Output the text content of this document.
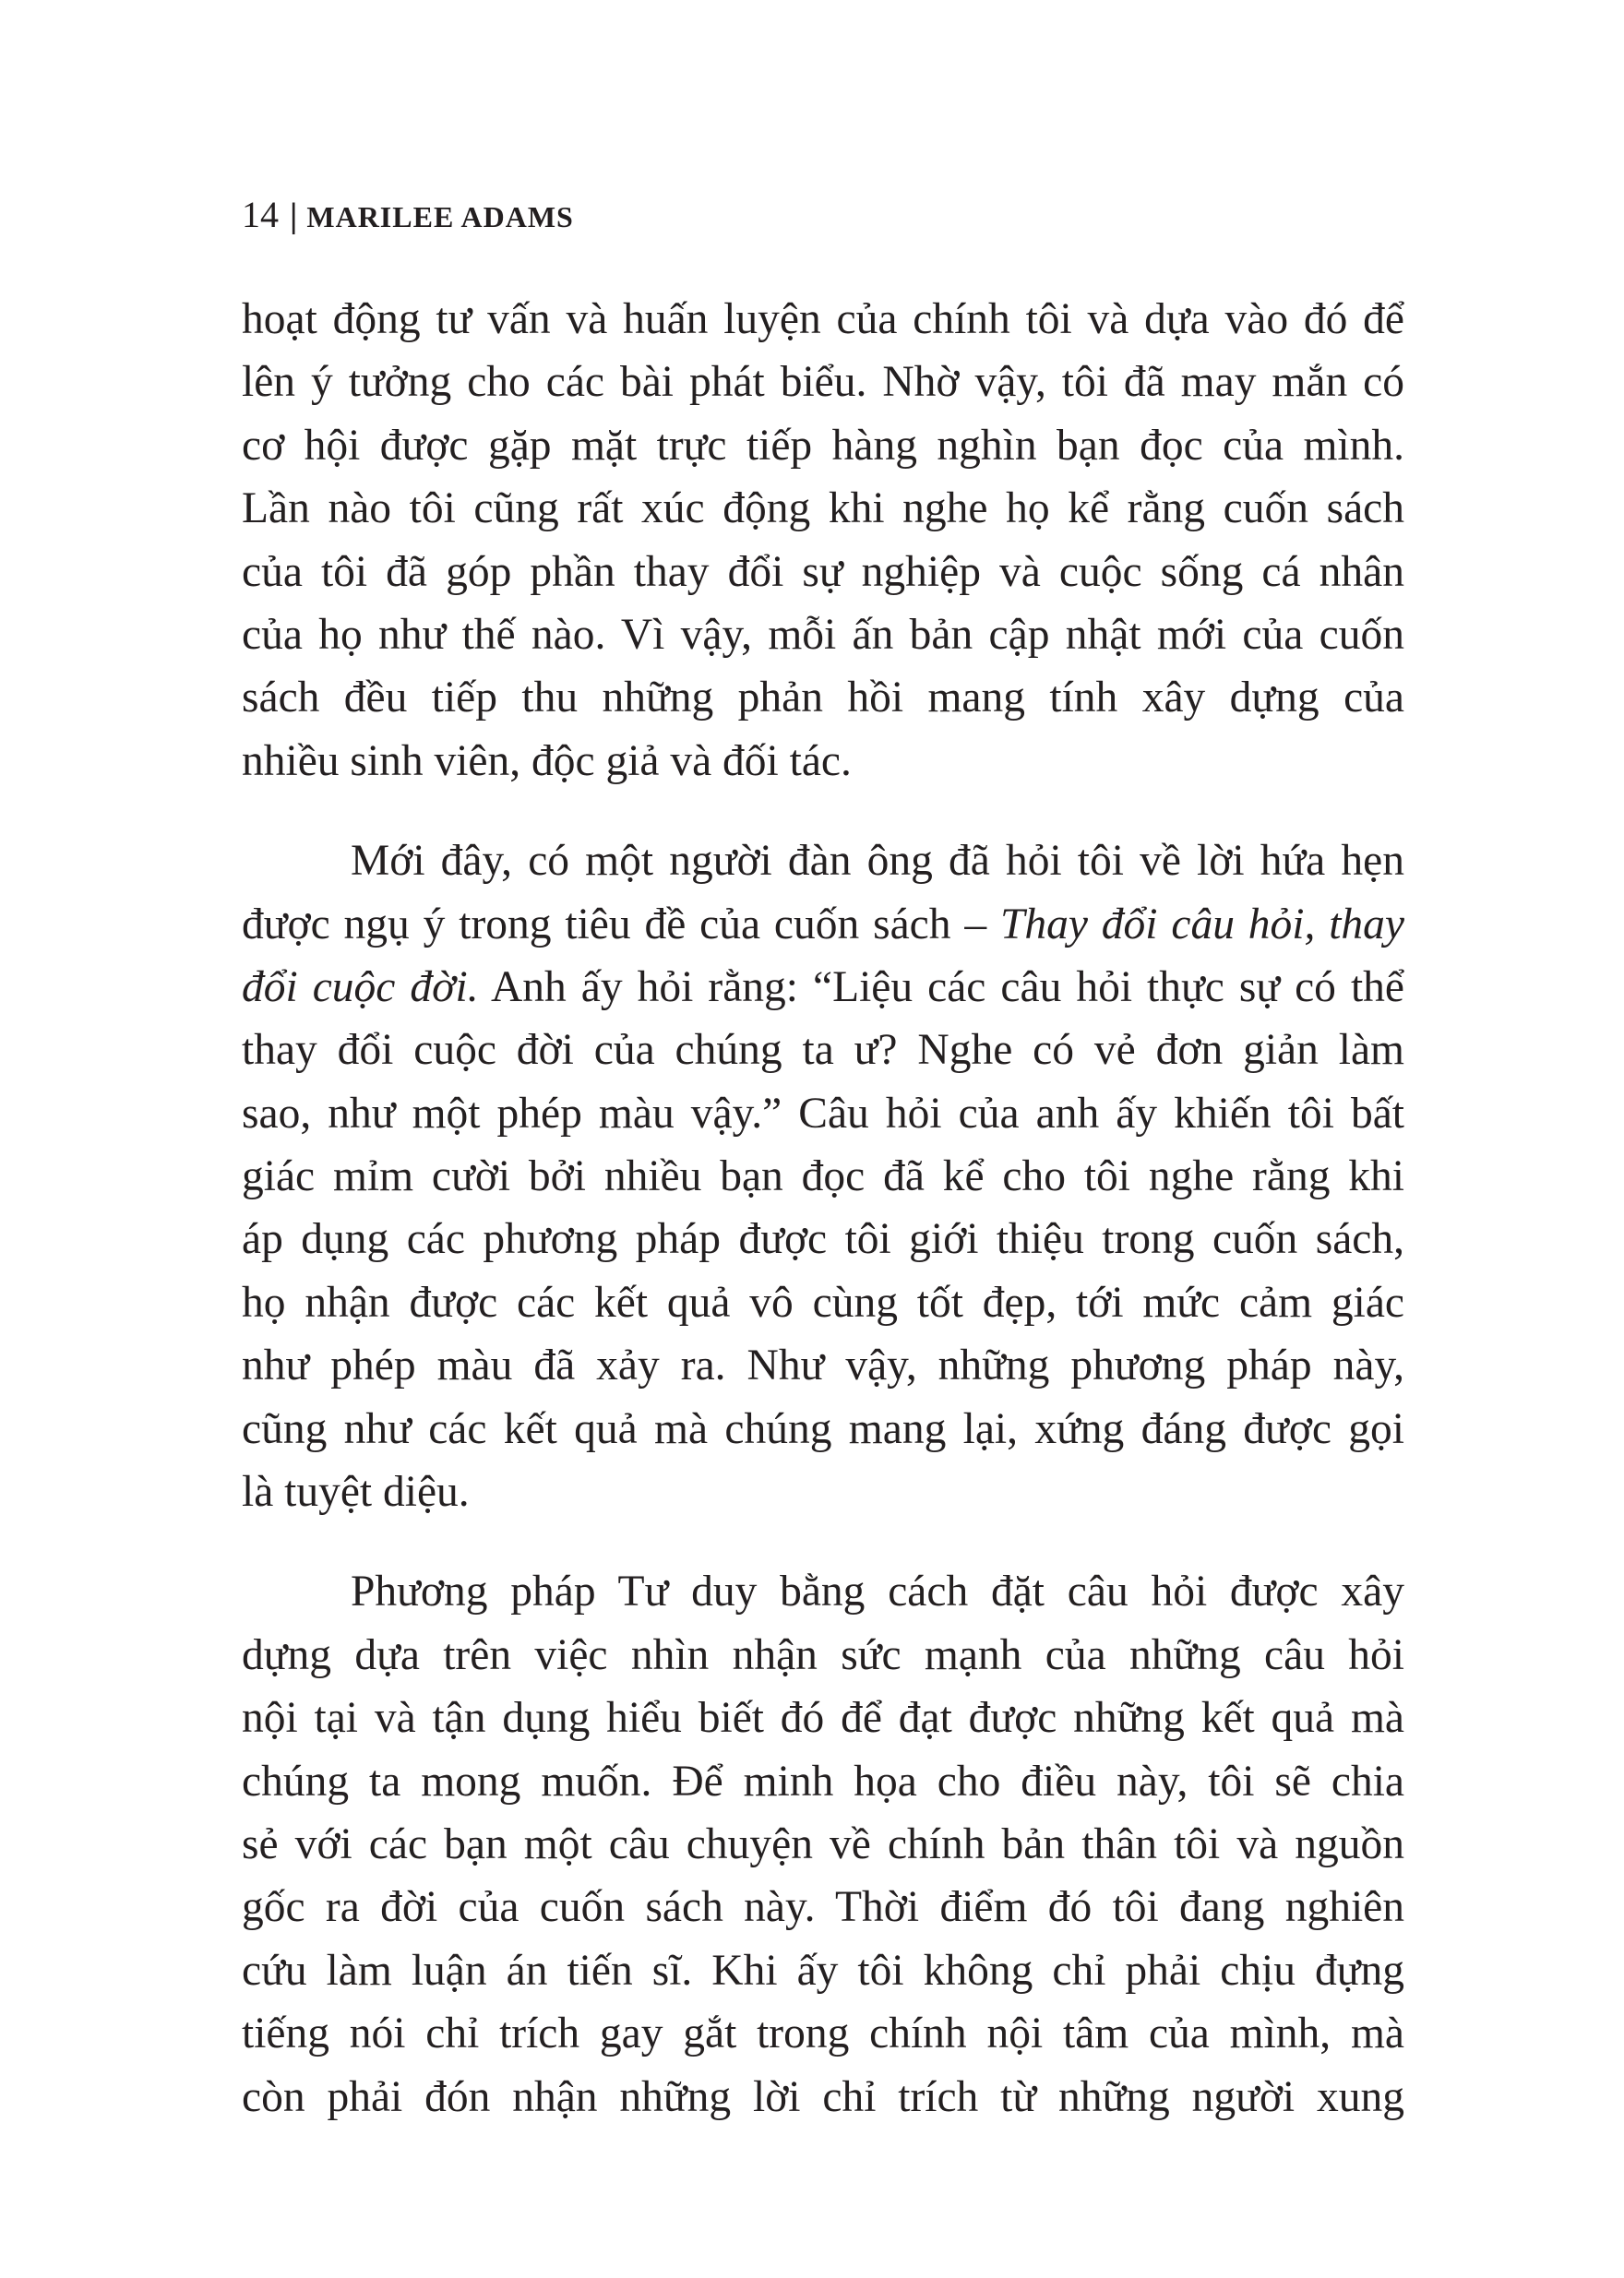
14 | MARILEE ADAMS
hoạt động tư vấn và huấn luyện của chính tôi và dựa vào đó để
lên ý tưởng cho các bài phát biểu. Nhờ vậy, tôi đã may mắn có
cơ hội được gặp mặt trực tiếp hàng nghìn bạn đọc của mình.
Lần nào tôi cũng rất xúc động khi nghe họ kể rằng cuốn sách
của tôi đã góp phần thay đổi sự nghiệp và cuộc sống cá nhân
của họ như thế nào. Vì vậy, mỗi ấn bản cập nhật mới của cuốn
sách đều tiếp thu những phản hồi mang tính xây dựng của
nhiều sinh viên, độc giả và đối tác.
Mới đây, có một người đàn ông đã hỏi tôi về lời hứa hẹn
được ngụ ý trong tiêu đề của cuốn sách – Thay đổi câu hỏi, thay
đổi cuộc đời. Anh ấy hỏi rằng: “Liệu các câu hỏi thực sự có thể
thay đổi cuộc đời của chúng ta ư? Nghe có vẻ đơn giản làm
sao, như một phép màu vậy.” Câu hỏi của anh ấy khiến tôi bất
giác mỉm cười bởi nhiều bạn đọc đã kể cho tôi nghe rằng khi
áp dụng các phương pháp được tôi giới thiệu trong cuốn sách,
họ nhận được các kết quả vô cùng tốt đẹp, tới mức cảm giác
như phép màu đã xảy ra. Như vậy, những phương pháp này,
cũng như các kết quả mà chúng mang lại, xứng đáng được gọi
là tuyệt diệu.
Phương pháp Tư duy bằng cách đặt câu hỏi được xây
dựng dựa trên việc nhìn nhận sức mạnh của những câu hỏi
nội tại và tận dụng hiểu biết đó để đạt được những kết quả mà
chúng ta mong muốn. Để minh họa cho điều này, tôi sẽ chia
sẻ với các bạn một câu chuyện về chính bản thân tôi và nguồn
gốc ra đời của cuốn sách này. Thời điểm đó tôi đang nghiên
cứu làm luận án tiến sĩ. Khi ấy tôi không chỉ phải chịu đựng
tiếng nói chỉ trích gay gắt trong chính nội tâm của mình, mà
còn phải đón nhận những lời chỉ trích từ những người xung
